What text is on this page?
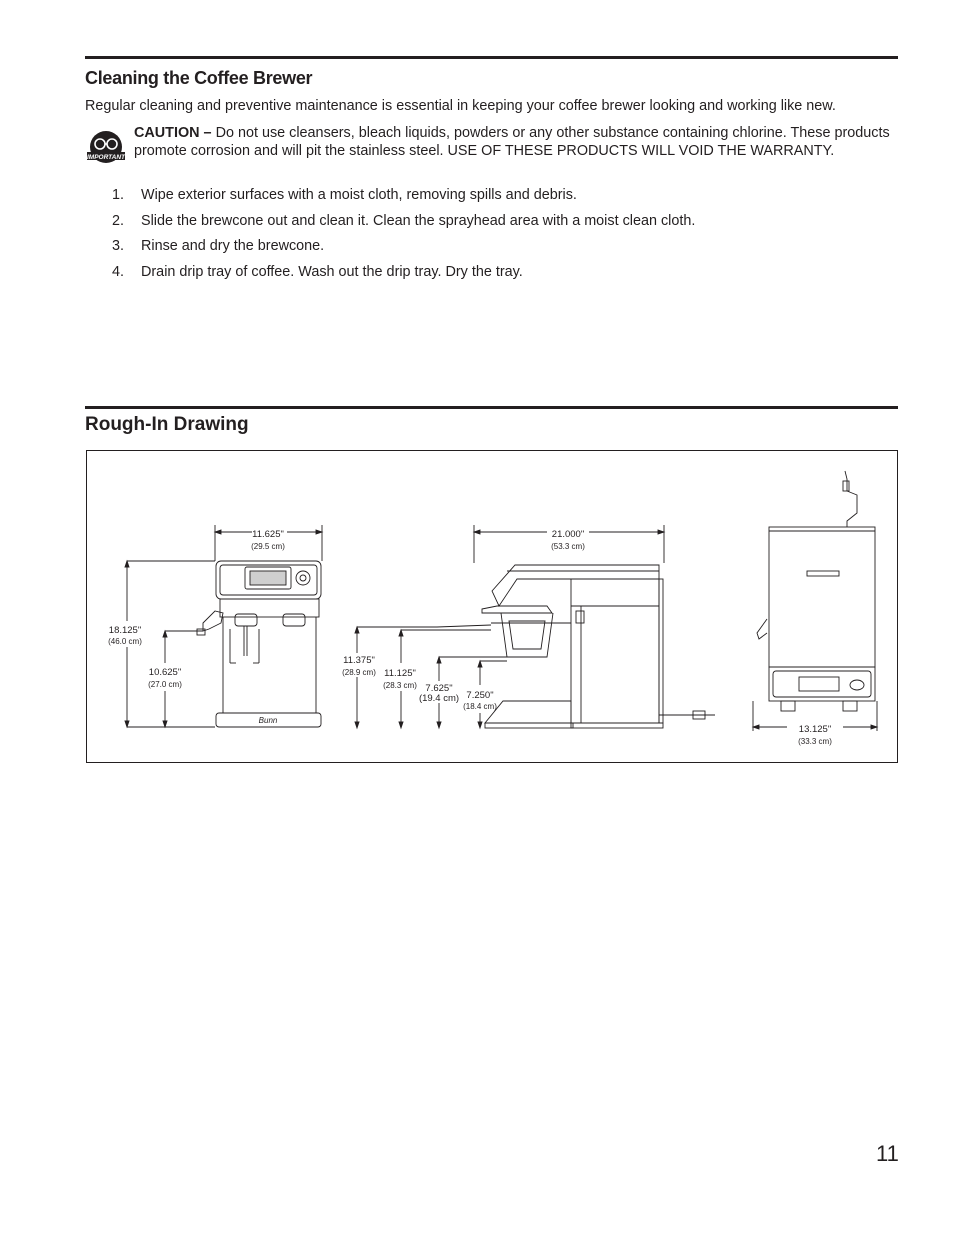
Cleaning the Coffee Brewer
Regular cleaning and preventive maintenance is essential in keeping your coffee brewer looking and working like new.
IMPORTANT
CAUTION – Do not use cleansers, bleach liquids, powders or any other substance containing chlorine. These products promote corrosion and will pit the stainless steel. USE OF THESE PRODUCTS WILL VOID THE WARRANTY.
1.	Wipe exterior surfaces with a moist cloth, removing spills and debris.
2.	Slide the brewcone out and clean it. Clean the sprayhead area with a moist clean cloth.
3.	Rinse and dry the brewcone.
4.	Drain drip tray of coffee. Wash out the drip tray. Dry the tray.
Rough-In Drawing
11.625"
(29.5 cm)
Bunn
18.125"
(46.0 cm)
10.625"
(27.0 cm)
21.000"
(53.3 cm)
11.375"
(28.9 cm) 11.125"
(28.3 cm) 7.625"
(19.4 cm) 7.250"
(18.4 cm)
13.125"
(33.3 cm)
11
